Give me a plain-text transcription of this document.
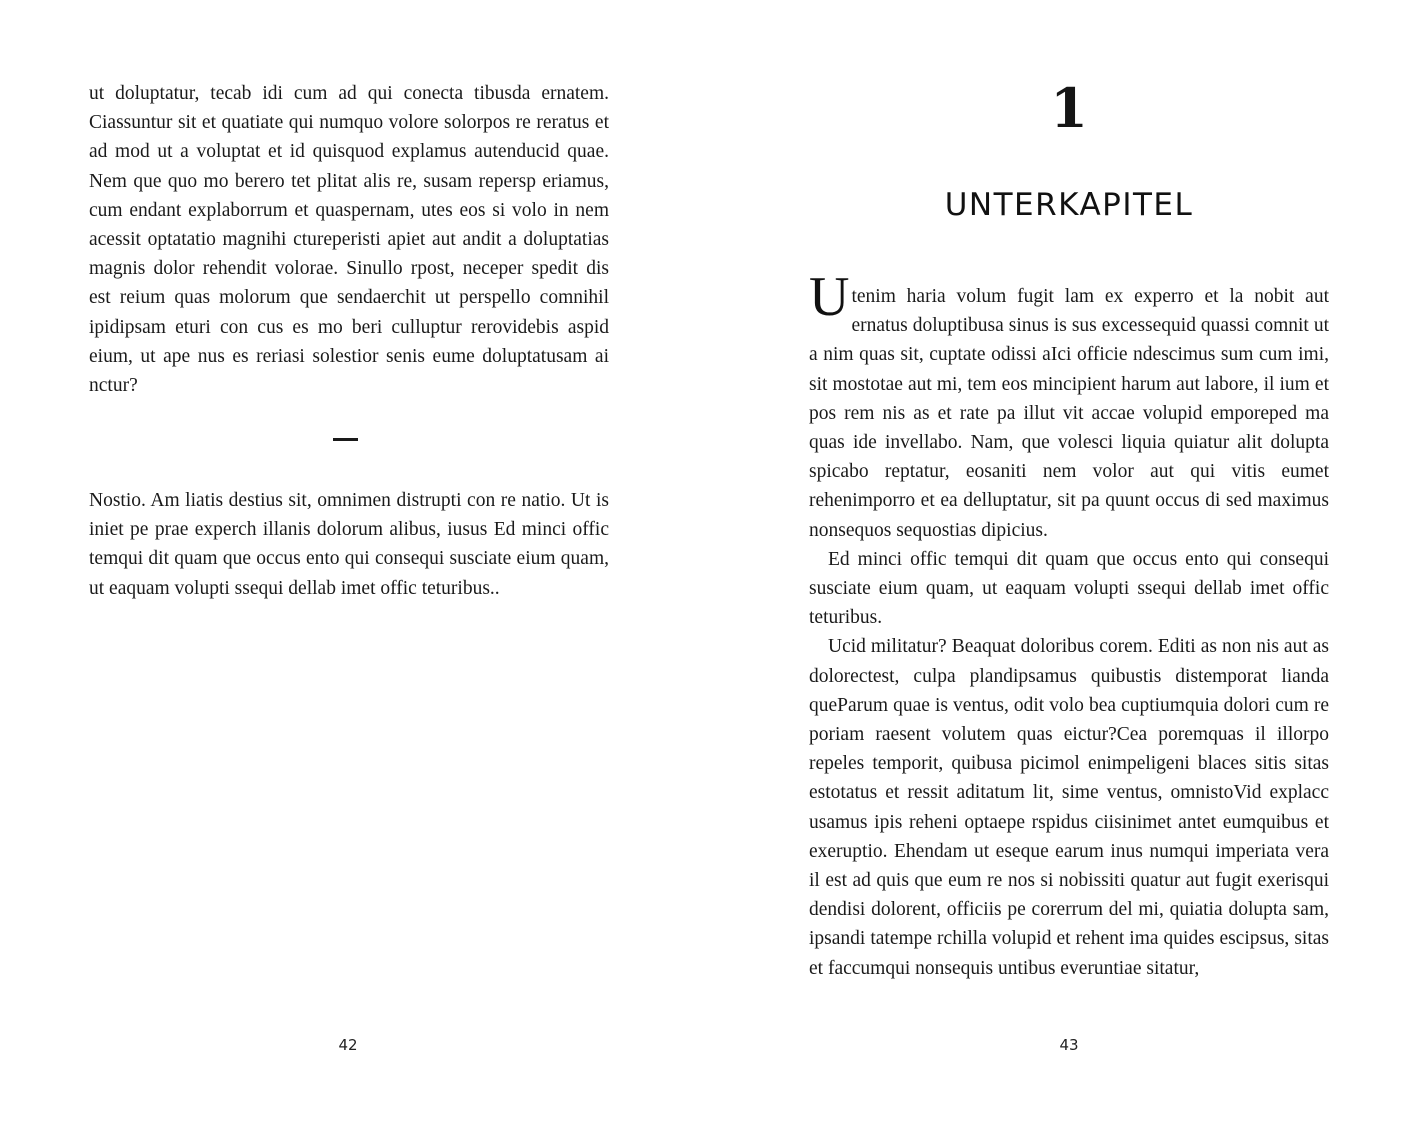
ut doluptatur, tecab idi cum ad qui conecta tibusda ernatem. Ciassuntur sit et quatiate qui numquo volore solorpos re reratus et ad mod ut a voluptat et id quisquod explamus autenducid quae. Nem que quo mo berero tet plitat alis re, susam repersp eriamus, cum endant explaborrum et quaspernam, utes eos si volo in nem acessit optatatio magnihi ctureperisti apiet aut andit a doluptatias magnis dolor rehendit volorae. Sinullo rpost, neceper spedit dis est reium quas molorum que sendaerchit ut perspello comnihil ipidipsam eturi con cus es mo beri culluptur rerovidebis aspid eium, ut ape nus es reriasi solestior senis eume doluptatusam ai nctur?

Nostio. Am liatis destius sit, omnimen distrupti con re natio. Ut is iniet pe prae experch illanis dolorum alibus, iusus Ed minci offic temqui dit quam que occus ento qui consequi susciate eium quam, ut eaquam volupti ssequi dellab imet offic teturibus..

42
1
UNTERKAPITEL

Utenim haria volum fugit lam ex experro et la nobit aut ernatus doluptibusa sinus is sus excessequid quassi comnit ut a nim quas sit, cuptate odissi aIci officie ndescimus sum cum imi, sit mostotae aut mi, tem eos mincipient harum aut labore, il ium et pos rem nis as et rate pa illut vit accae volupid emporeped ma quas ide invellabo. Nam, que volesci liquia quiatur alit dolupta spicabo reptatur, eosaniti nem volor aut qui vitis eumet rehenimporro et ea delluptatur, sit pa quunt occus di sed maximus nonsequos sequostias dipicius.

Ed minci offic temqui dit quam que occus ento qui consequi susciate eium quam, ut eaquam volupti ssequi dellab imet offic teturibus.

Ucid militatur? Beaquat doloribus corem. Editi as non nis aut as dolorectest, culpa plandipsamus quibustis distemporat lianda queParum quae is ventus, odit volo bea cuptiumquia dolori cum re poriam raesent volutem quas eictur?Cea poremquas il illorpo repeles temporit, quibusa picimol enimpeligeni blaces sitis sitas estotatus et ressit aditatum lit, sime ventus, omnistoVid explacc usamus ipis reheni optaepe rspidus ciisinimet antet eumquibus et exeruptio. Ehendam ut eseque earum inus numqui imperiata vera il est ad quis que eum re nos si nobissiti quatur aut fugit exerisqui dendisi dolorent, officiis pe corerrum del mi, quiatia dolupta sam, ipsandi tatempe rchilla volupid et rehent ima quides escipsus, sitas et faccumqui nonsequis untibus everuntiae sitatur,

43
